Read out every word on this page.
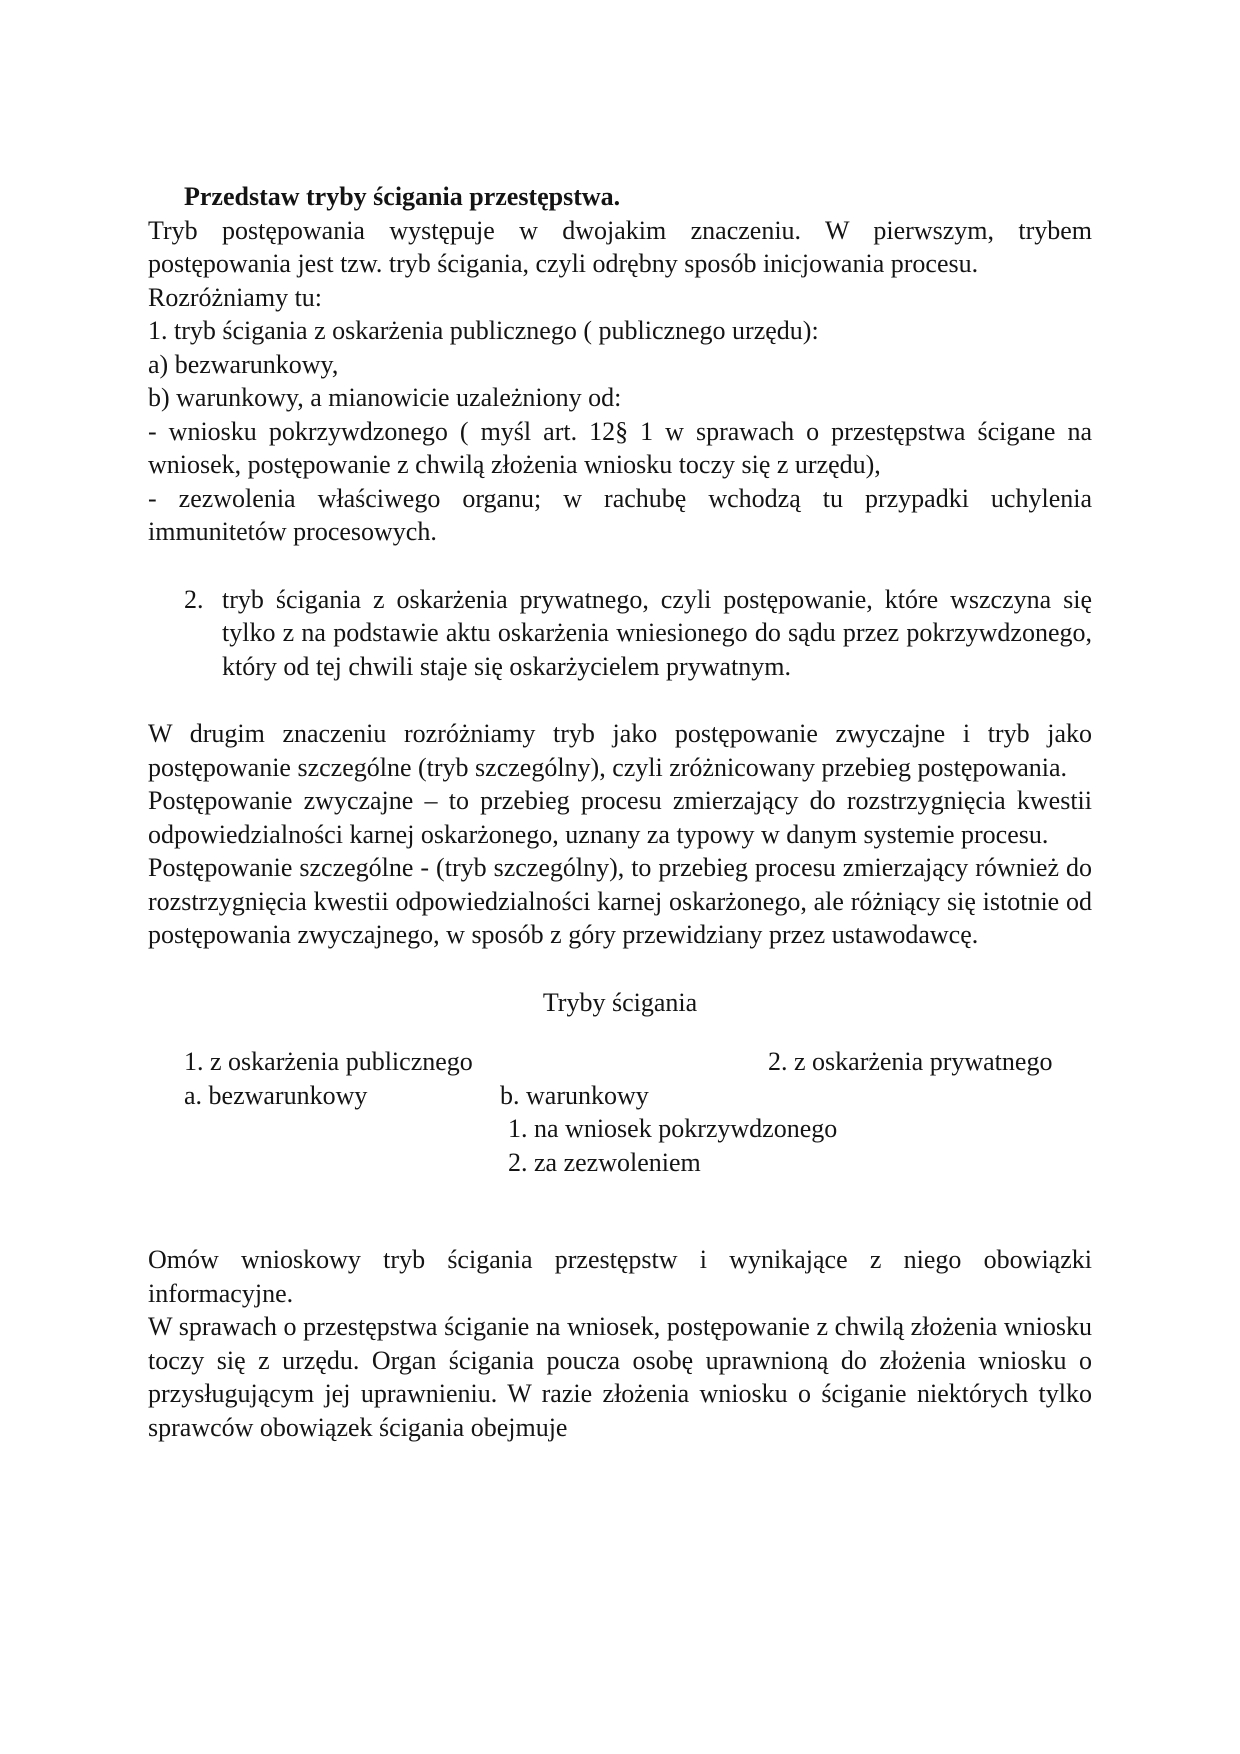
Przedstaw tryby ścigania przestępstwa.

Tryb postępowania występuje w dwojakim znaczeniu. W pierwszym, trybem postępowania jest tzw. tryb ścigania, czyli odrębny sposób inicjowania procesu.

Rozróżniamy tu:

1. tryb ścigania z oskarżenia publicznego ( publicznego urzędu):

a) bezwarunkowy,

b) warunkowy, a mianowicie uzależniony od:

- wniosku pokrzywdzonego ( myśl art. 12§ 1 w sprawach o przestępstwa ścigane na wniosek, postępowanie z chwilą złożenia wniosku toczy się z urzędu),

- zezwolenia właściwego organu; w rachubę wchodzą tu przypadki uchylenia immunitetów procesowych.

2. tryb ścigania z oskarżenia prywatnego, czyli postępowanie, które wszczyna się tylko z na podstawie aktu oskarżenia wniesionego do sądu przez pokrzywdzonego, który od tej chwili staje się oskarżycielem prywatnym.

W drugim znaczeniu rozróżniamy tryb jako postępowanie zwyczajne i tryb jako postępowanie szczególne (tryb szczególny), czyli zróżnicowany przebieg postępowania.

Postępowanie zwyczajne – to przebieg procesu zmierzający do rozstrzygnięcia kwestii odpowiedzialności karnej oskarżonego, uznany za typowy w danym systemie procesu.

Postępowanie szczególne - (tryb szczególny), to przebieg procesu zmierzający również do rozstrzygnięcia kwestii odpowiedzialności karnej oskarżonego, ale różniący się istotnie od postępowania zwyczajnego, w sposób z góry przewidziany przez ustawodawcę.

Tryby ścigania

1. z oskarżenia publicznego	2. z oskarżenia prywatnego
a. bezwarunkowy	b. warunkowy
1. na wniosek pokrzywdzonego
2. za zezwoleniem

Omów wnioskowy tryb ścigania przestępstw i wynikające z niego obowiązki informacyjne.

W sprawach o przestępstwa ściganie na wniosek, postępowanie z chwilą złożenia wniosku toczy się z urzędu. Organ ścigania poucza osobę uprawnioną do złożenia wniosku o przysługującym jej uprawnieniu. W razie złożenia wniosku o ściganie niektórych tylko sprawców obowiązek ścigania obejmuje
